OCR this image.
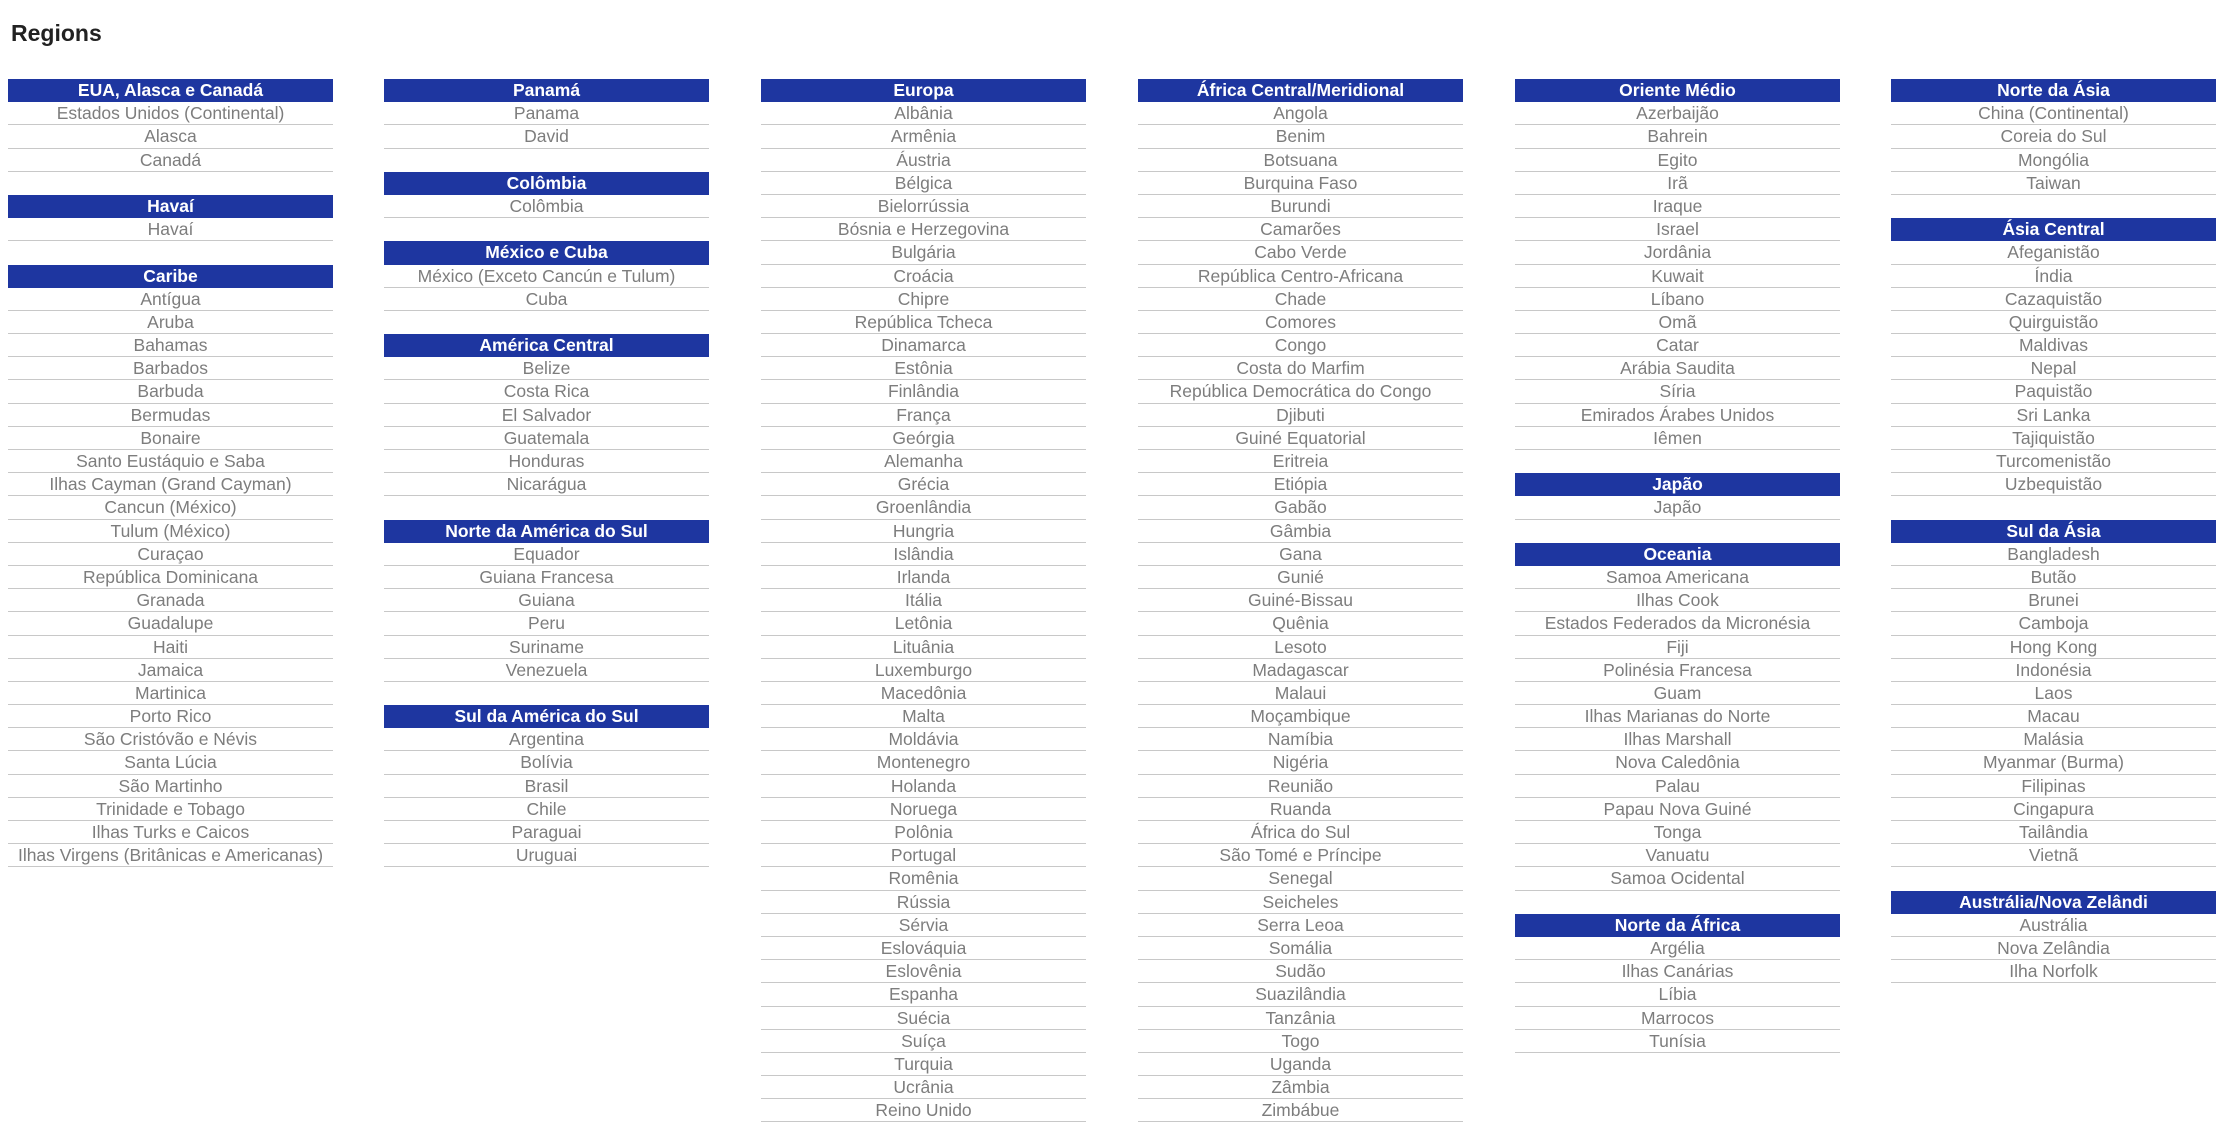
Regions
EUA, Alasca e Canadá
Estados Unidos (Continental)
Alasca
Canadá
Havaí
Havaí
Caribe
Antígua
Aruba
Bahamas
Barbados
Barbuda
Bermudas
Bonaire
Santo Eustáquio e Saba
Ilhas Cayman (Grand Cayman)
Cancun (México)
Tulum (México)
Curaçao
República Dominicana
Granada
Guadalupe
Haiti
Jamaica
Martinica
Porto Rico
São Cristóvão e Névis
Santa Lúcia
São Martinho
Trinidade e Tobago
Ilhas Turks e Caicos
Ilhas Virgens (Britânicas e Americanas)
Panamá
Panama
David
Colômbia
Colômbia
México e Cuba
México (Exceto Cancún e Tulum)
Cuba
América Central
Belize
Costa Rica
El Salvador
Guatemala
Honduras
Nicarágua
Norte da América do Sul
Equador
Guiana Francesa
Guiana
Peru
Suriname
Venezuela
Sul da América do Sul
Argentina
Bolívia
Brasil
Chile
Paraguai
Uruguai
Europa
Albânia
Armênia
Áustria
Bélgica
Bielorrússia
Bósnia e Herzegovina
Bulgária
Croácia
Chipre
República Tcheca
Dinamarca
Estônia
Finlândia
França
Geórgia
Alemanha
Grécia
Groenlândia
Hungria
Islândia
Irlanda
Itália
Letônia
Lituânia
Luxemburgo
Macedônia
Malta
Moldávia
Montenegro
Holanda
Noruega
Polônia
Portugal
Romênia
Rússia
Sérvia
Eslováquia
Eslovênia
Espanha
Suécia
Suíça
Turquia
Ucrânia
Reino Unido
África Central/Meridional
Angola
Benim
Botsuana
Burquina Faso
Burundi
Camarões
Cabo Verde
República Centro-Africana
Chade
Comores
Congo
Costa do Marfim
República Democrática do Congo
Djibuti
Guiné Equatorial
Eritreia
Etiópia
Gabão
Gâmbia
Gana
Gunié
Guiné-Bissau
Quênia
Lesoto
Madagascar
Malaui
Moçambique
Namíbia
Nigéria
Reunião
Ruanda
África do Sul
São Tomé e Príncipe
Senegal
Seicheles
Serra Leoa
Somália
Sudão
Suazilândia
Tanzânia
Togo
Uganda
Zâmbia
Zimbábue
Oriente Médio
Azerbaijão
Bahrein
Egito
Irã
Iraque
Israel
Jordânia
Kuwait
Líbano
Omã
Catar
Arábia Saudita
Síria
Emirados Árabes Unidos
Iêmen
Japão
Japão
Oceania
Samoa Americana
Ilhas Cook
Estados Federados da Micronésia
Fiji
Polinésia Francesa
Guam
Ilhas Marianas do Norte
Ilhas Marshall
Nova Caledônia
Palau
Papau Nova Guiné
Tonga
Vanuatu
Samoa Ocidental
Norte da África
Argélia
Ilhas Canárias
Líbia
Marrocos
Tunísia
Norte da Ásia
China (Continental)
Coreia do Sul
Mongólia
Taiwan
Ásia Central
Afeganistão
Índia
Cazaquistão
Quirguistão
Maldivas
Nepal
Paquistão
Sri Lanka
Tajiquistão
Turcomenistão
Uzbequistão
Sul da Ásia
Bangladesh
Butão
Brunei
Camboja
Hong Kong
Indonésia
Laos
Macau
Malásia
Myanmar (Burma)
Filipinas
Cingapura
Tailândia
Vietnã
Austrália/Nova Zelândi
Austrália
Nova Zelândia
Ilha Norfolk
